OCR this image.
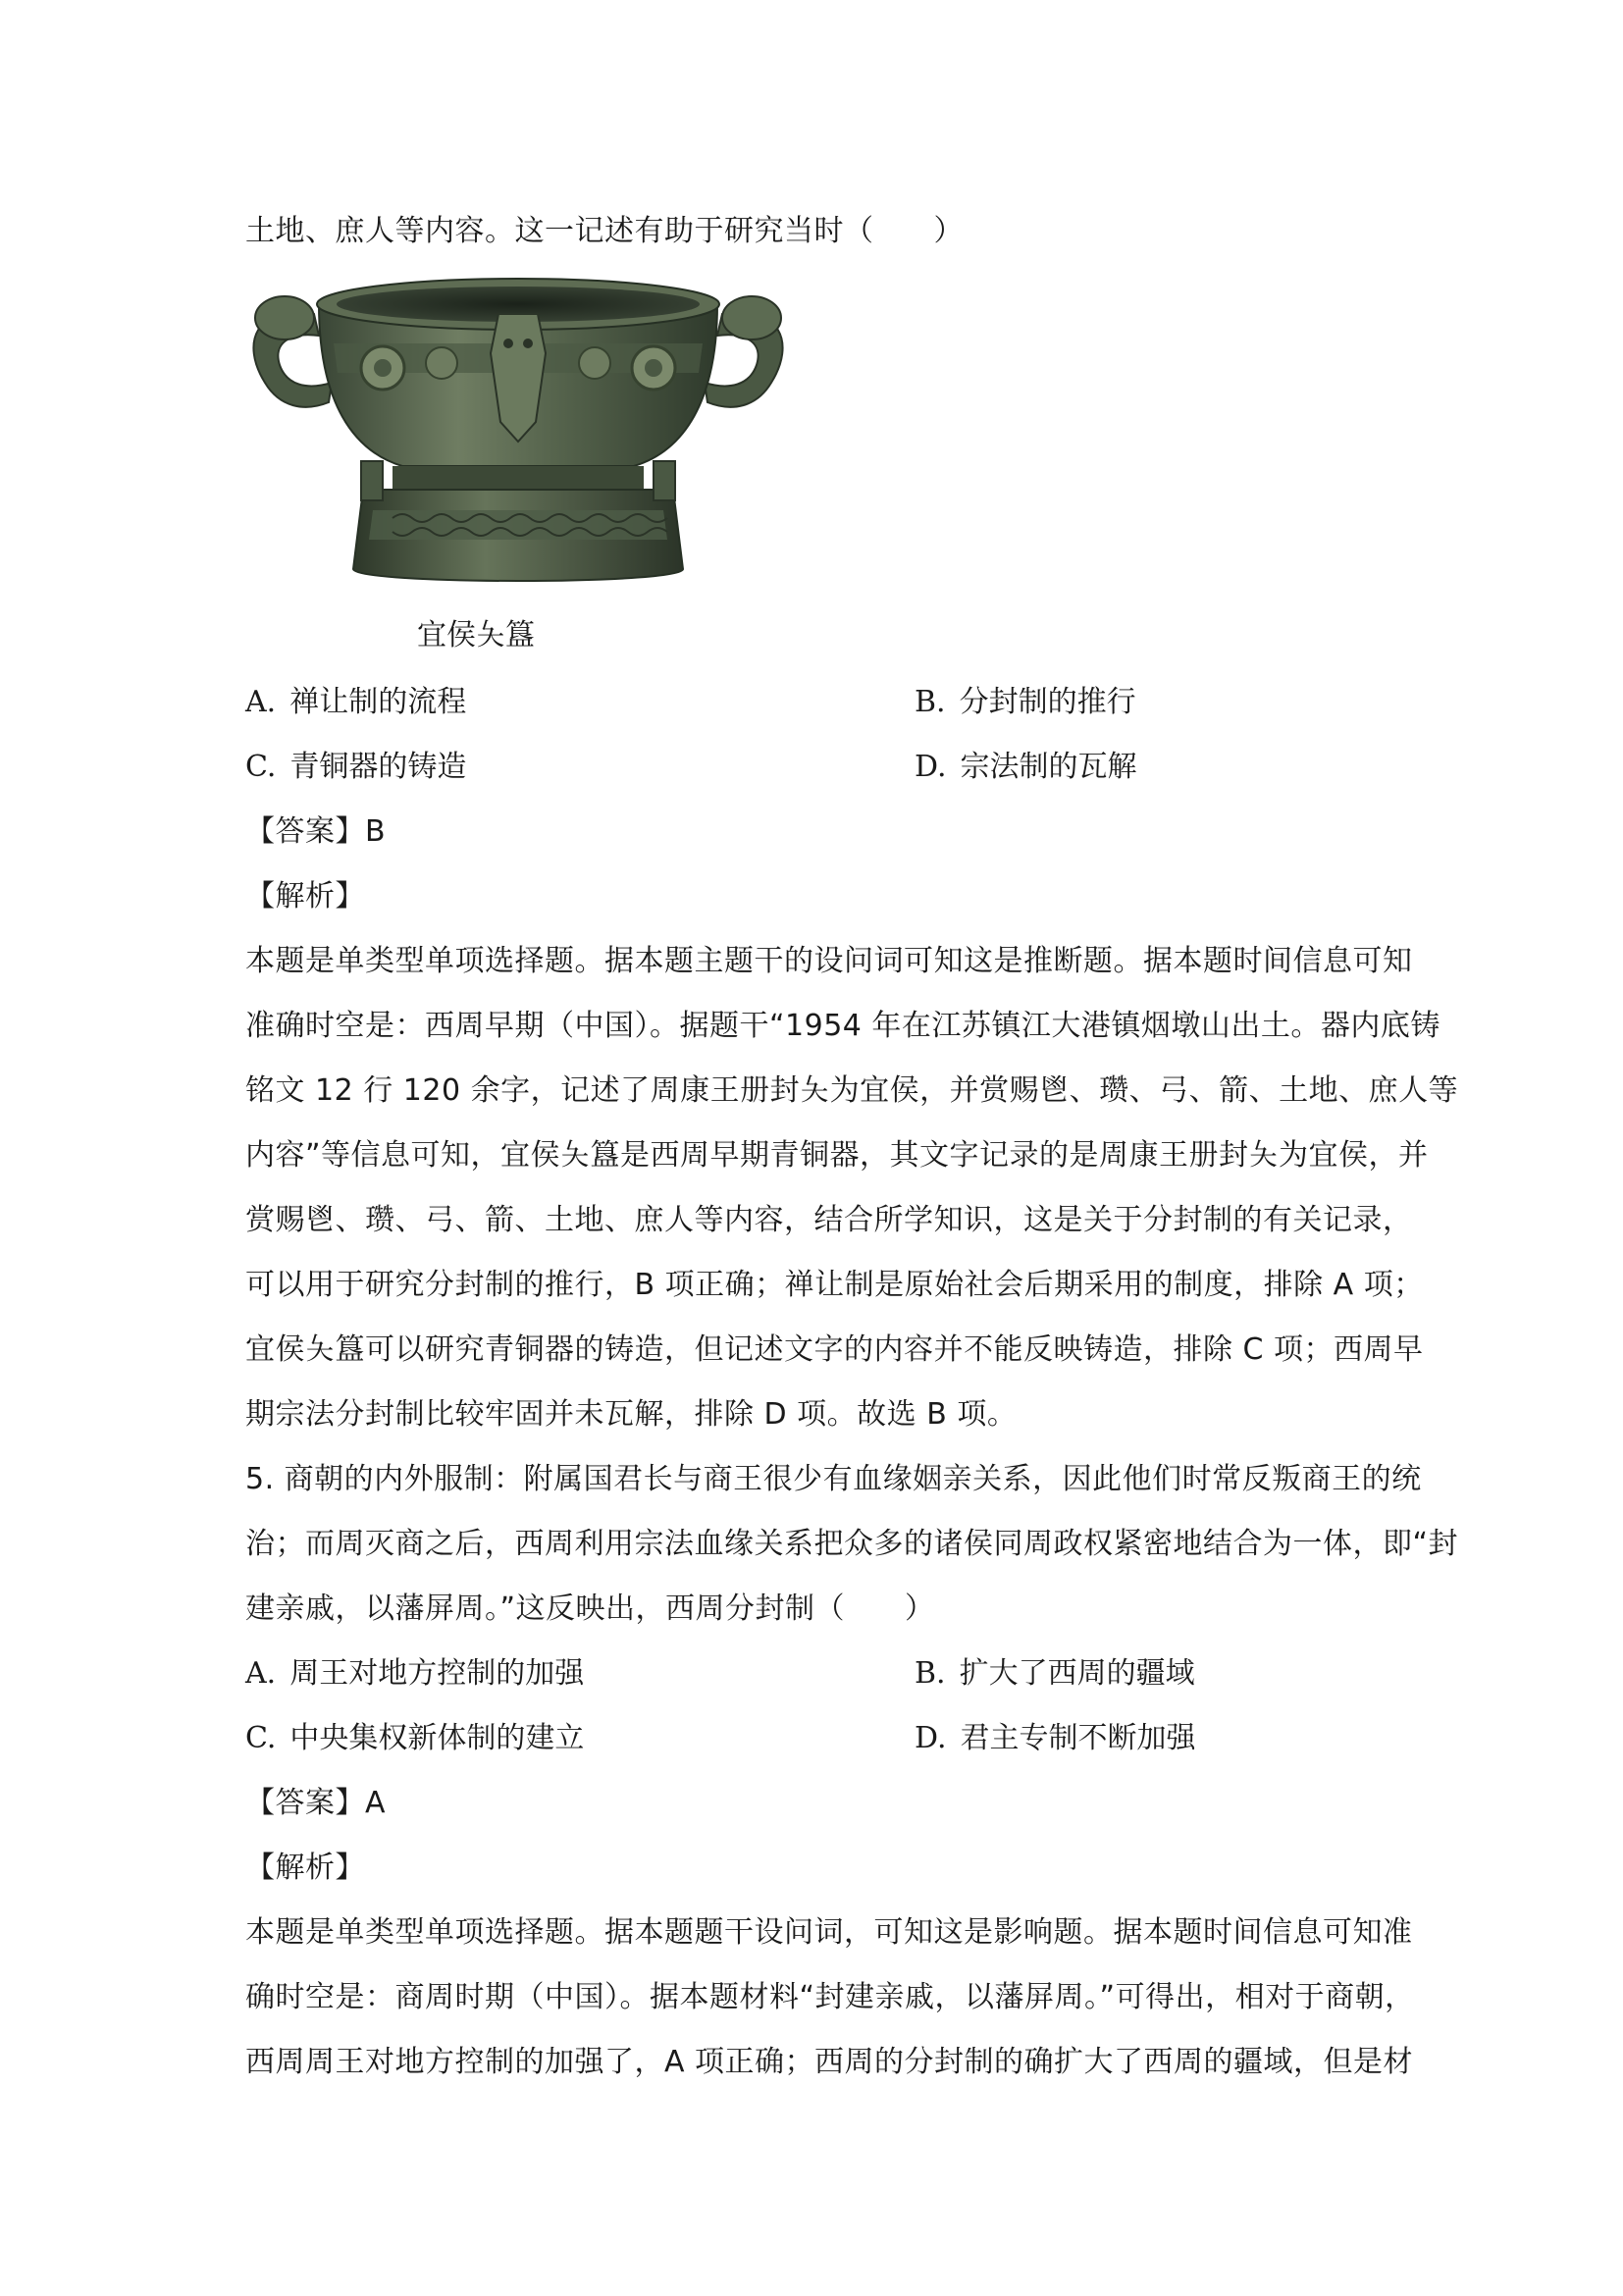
土地、庶人等内容。这一记述有助于研究当时（　　）
宜侯夨簋
A. 禅让制的流程	B. 分封制的推行
C. 青铜器的铸造	D. 宗法制的瓦解
【答案】B
【解析】
本题是单类型单项选择题。据本题主题干的设问词可知这是推断题。据本题时间信息可知
准确时空是：西周早期（中国）。据题干“1954 年在江苏镇江大港镇烟墩山出土。器内底铸
铭文 12 行 120 余字，记述了周康王册封夨为宜侯，并赏赐鬯、瓒、弓、箭、土地、庶人等
内容”等信息可知，宜侯夨簋是西周早期青铜器，其文字记录的是周康王册封夨为宜侯，并
赏赐鬯、瓒、弓、箭、土地、庶人等内容，结合所学知识，这是关于分封制的有关记录，
可以用于研究分封制的推行，B 项正确；禅让制是原始社会后期采用的制度，排除 A 项；
宜侯夨簋可以研究青铜器的铸造，但记述文字的内容并不能反映铸造，排除 C 项；西周早
期宗法分封制比较牢固并未瓦解，排除 D 项。故选 B 项。
5. 商朝的内外服制：附属国君长与商王很少有血缘姻亲关系，因此他们时常反叛商王的统
治；而周灭商之后，西周利用宗法血缘关系把众多的诸侯同周政权紧密地结合为一体，即“封
建亲戚，以藩屏周。”这反映出，西周分封制（　　）
A. 周王对地方控制的加强	B. 扩大了西周的疆域
C. 中央集权新体制的建立	D. 君主专制不断加强
【答案】A
【解析】
本题是单类型单项选择题。据本题题干设问词，可知这是影响题。据本题时间信息可知准
确时空是：商周时期（中国）。据本题材料“封建亲戚，以藩屏周。”可得出，相对于商朝，
西周周王对地方控制的加强了，A 项正确；西周的分封制的确扩大了西周的疆域，但是材
